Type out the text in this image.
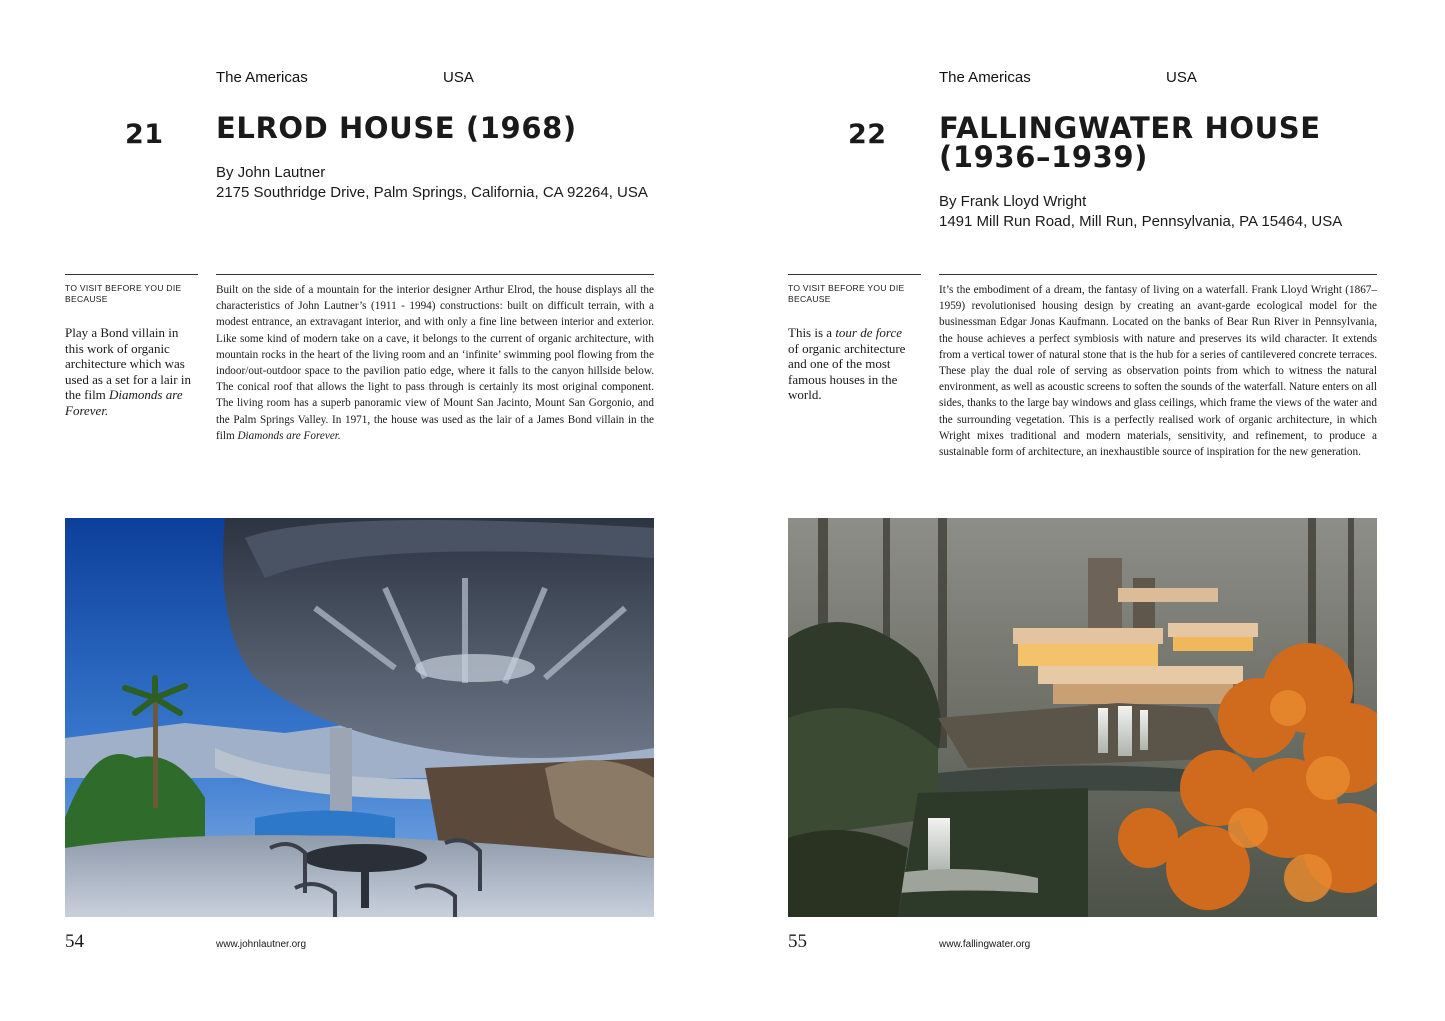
The Americas	USA
21 ELROD HOUSE (1968)
By John Lautner
2175 Southridge Drive, Palm Springs, California, CA 92264, USA
TO VISIT BEFORE YOU DIE BECAUSE
Play a Bond villain in this work of organic architecture which was used as a set for a lair in the film Diamonds are Forever.

Built on the side of a mountain for the interior designer Arthur Elrod, the house displays all the characteristics of John Lautner’s (1911 - 1994) constructions: built on difficult terrain, with a modest entrance, an extravagant interior, and with only a fine line between interior and exterior. Like some kind of modern take on a cave, it belongs to the current of organic architecture, with mountain rocks in the heart of the living room and an ‘infinite’ swimming pool flowing from the indoor/out-outdoor space to the pavilion patio edge, where it falls to the canyon hillside below. The conical roof that allows the light to pass through is certainly its most original component. The living room has a superb panoramic view of Mount San Jacinto, Mount San Gorgonio, and the Palm Springs Valley. In 1971, the house was used as the lair of a James Bond villain in the film Diamonds are Forever.

54	www.johnlautner.org
The Americas	USA
22 FALLINGWATER HOUSE (1936–1939)
By Frank Lloyd Wright
1491 Mill Run Road, Mill Run, Pennsylvania, PA 15464, USA
TO VISIT BEFORE YOU DIE BECAUSE
This is a tour de force of organic architecture and one of the most famous houses in the world.

It’s the embodiment of a dream, the fantasy of living on a waterfall. Frank Lloyd Wright (1867–1959) revolutionised housing design by creating an avant-garde ecological model for the businessman Edgar Jonas Kaufmann. Located on the banks of Bear Run River in Pennsylvania, the house achieves a perfect symbiosis with nature and preserves its wild character. It extends from a vertical tower of natural stone that is the hub for a series of cantilevered concrete terraces. These play the dual role of serving as observation points from which to witness the natural environment, as well as acoustic screens to soften the sounds of the waterfall. Nature enters on all sides, thanks to the large bay windows and glass ceilings, which frame the views of the water and the surrounding vegetation. This is a perfectly realised work of organic architecture, in which Wright mixes traditional and modern materials, sensitivity, and refinement, to produce a sustainable form of architecture, an inexhaustible source of inspiration for the new generation.

55	www.fallingwater.org
